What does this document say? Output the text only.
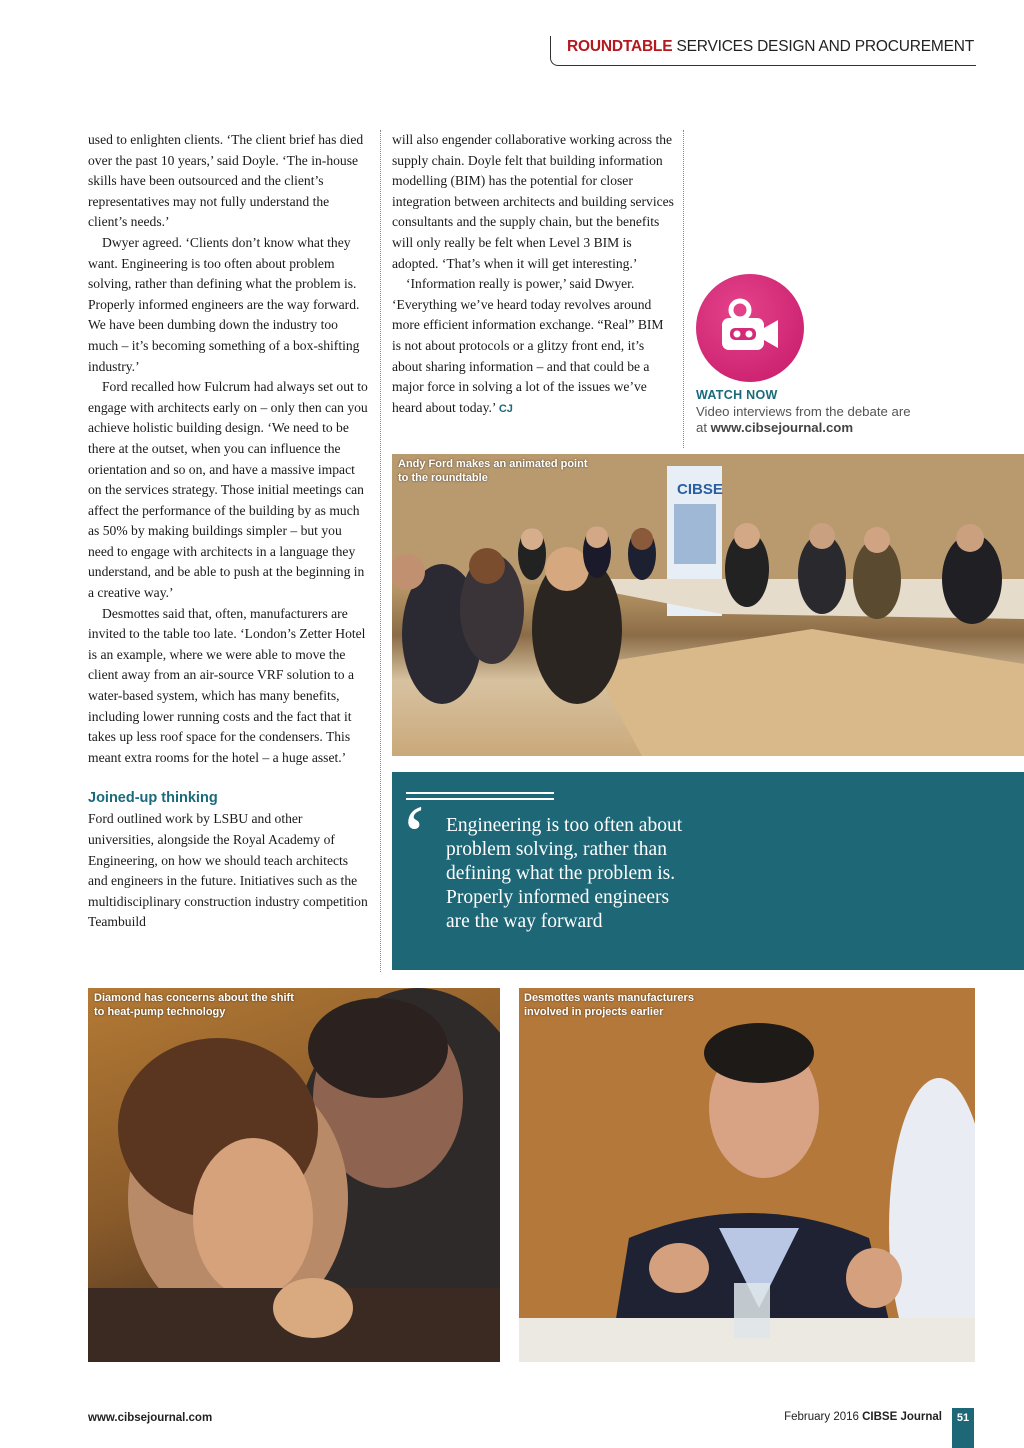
ROUNDTABLE SERVICES DESIGN AND PROCUREMENT

used to enlighten clients. ‘The client brief has died over the past 10 years,’ said Doyle. ‘The in-house skills have been outsourced and the client’s representatives may not fully understand the client’s needs.’

Dwyer agreed. ‘Clients don’t know what they want. Engineering is too often about problem solving, rather than defining what the problem is. Properly informed engineers are the way forward. We have been dumbing down the industry too much – it’s becoming something of a box-shifting industry.’

Ford recalled how Fulcrum had always set out to engage with architects early on – only then can you achieve holistic building design. ‘We need to be there at the outset, when you can influence the orientation and so on, and have a massive impact on the services strategy. Those initial meetings can affect the performance of the building by as much as 50% by making buildings simpler – but you need to engage with architects in a language they understand, and be able to push at the beginning in a creative way.’

Desmottes said that, often, manufacturers are invited to the table too late. ‘London’s Zetter Hotel is an example, where we were able to move the client away from an air-source VRF solution to a water-based system, which has many benefits, including lower running costs and the fact that it takes up less roof space for the condensers. This meant extra rooms for the hotel – a huge asset.’

Joined-up thinking

Ford outlined work by LSBU and other universities, alongside the Royal Academy of Engineering, on how we should teach architects and engineers in the future. Initiatives such as the multidisciplinary construction industry competition Teambuild

will also engender collaborative working across the supply chain. Doyle felt that building information modelling (BIM) has the potential for closer integration between architects and building services consultants and the supply chain, but the benefits will only really be felt when Level 3 BIM is adopted. ‘That’s when it will get interesting.’

‘Information really is power,’ said Dwyer. ‘Everything we’ve heard today revolves around more efficient information exchange. “Real” BIM is not about protocols or a glitzy front end, it’s about sharing information – and that could be a major force in solving a lot of the issues we’ve heard about today.’ CJ

WATCH NOW
Video interviews from the debate are at www.cibsejournal.com
CIBSE
Andy Ford makes an animated point to the roundtable
‘ Engineering is too often about problem solving, rather than defining what the problem is. Properly informed engineers are the way forward
Diamond has concerns about the shift to heat-pump technology
Desmottes wants manufacturers involved in projects earlier
www.cibsejournal.com	February 2016 CIBSE Journal	51
